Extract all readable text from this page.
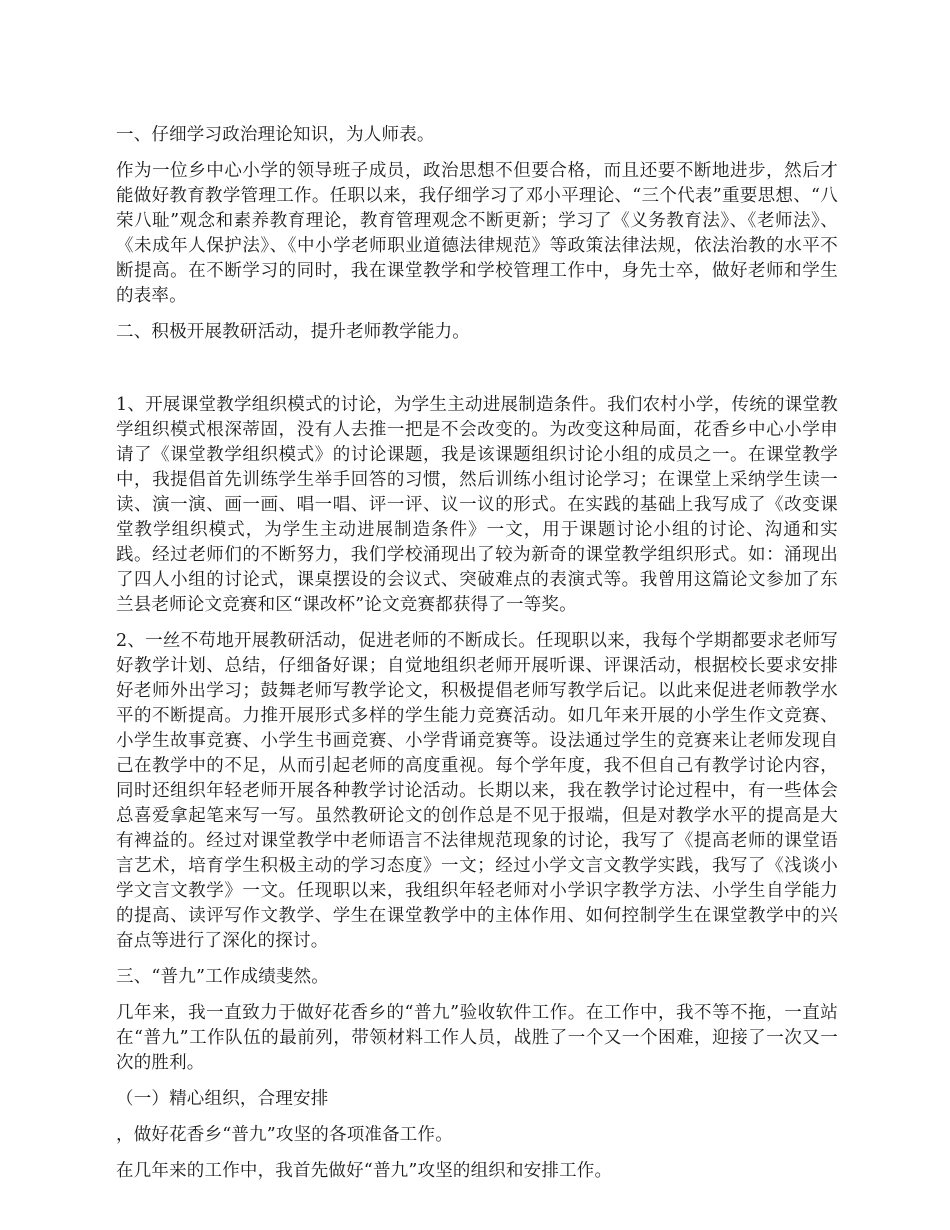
一、仔细学习政治理论知识，为人师表。

作为一位乡中心小学的领导班子成员，政治思想不但要合格，而且还要不断地进步，然后才能做好教育教学管理工作。任职以来，我仔细学习了邓小平理论、“三个代表”重要思想、“八荣八耻”观念和素养教育理论，教育管理观念不断更新；学习了《义务教育法》、《老师法》、《未成年人保护法》、《中小学老师职业道德法律规范》等政策法律法规，依法治教的水平不断提高。在不断学习的同时，我在课堂教学和学校管理工作中，身先士卒，做好老师和学生的表率。

二、积极开展教研活动，提升老师教学能力。

1、开展课堂教学组织模式的讨论，为学生主动进展制造条件。我们农村小学，传统的课堂教学组织模式根深蒂固，没有人去推一把是不会改变的。为改变这种局面，花香乡中心小学申请了《课堂教学组织模式》的讨论课题，我是该课题组织讨论小组的成员之一。在课堂教学中，我提倡首先训练学生举手回答的习惯，然后训练小组讨论学习；在课堂上采纳学生读一读、演一演、画一画、唱一唱、评一评、议一议的形式。在实践的基础上我写成了《改变课堂教学组织模式，为学生主动进展制造条件》一文，用于课题讨论小组的讨论、沟通和实践。经过老师们的不断努力，我们学校涌现出了较为新奇的课堂教学组织形式。如：涌现出了四人小组的讨论式，课桌摆设的会议式、突破难点的表演式等。我曾用这篇论文参加了东兰县老师论文竞赛和区“课改杯”论文竞赛都获得了一等奖。

2、一丝不苟地开展教研活动，促进老师的不断成长。任现职以来，我每个学期都要求老师写好教学计划、总结，仔细备好课；自觉地组织老师开展听课、评课活动，根据校长要求安排好老师外出学习；鼓舞老师写教学论文，积极提倡老师写教学后记。以此来促进老师教学水平的不断提高。力推开展形式多样的学生能力竞赛活动。如几年来开展的小学生作文竞赛、小学生故事竞赛、小学生书画竞赛、小学背诵竞赛等。设法通过学生的竞赛来让老师发现自己在教学中的不足，从而引起老师的高度重视。每个学年度，我不但自己有教学讨论内容，同时还组织年轻老师开展各种教学讨论活动。长期以来，我在教学讨论过程中，有一些体会总喜爱拿起笔来写一写。虽然教研论文的创作总是不见于报端，但是对教学水平的提高是大有裨益的。经过对课堂教学中老师语言不法律规范现象的讨论，我写了《提高老师的课堂语言艺术，培育学生积极主动的学习态度》一文；经过小学文言文教学实践，我写了《浅谈小学文言文教学》一文。任现职以来，我组织年轻老师对小学识字教学方法、小学生自学能力的提高、读评写作文教学、学生在课堂教学中的主体作用、如何控制学生在课堂教学中的兴奋点等进行了深化的探讨。

三、“普九”工作成绩斐然。

几年来，我一直致力于做好花香乡的“普九”验收软件工作。在工作中，我不等不拖，一直站在“普九”工作队伍的最前列，带领材料工作人员，战胜了一个又一个困难，迎接了一次又一次的胜利。

（一）精心组织，合理安排

，做好花香乡“普九”攻坚的各项准备工作。

在几年来的工作中，我首先做好“普九”攻坚的组织和安排工作。
